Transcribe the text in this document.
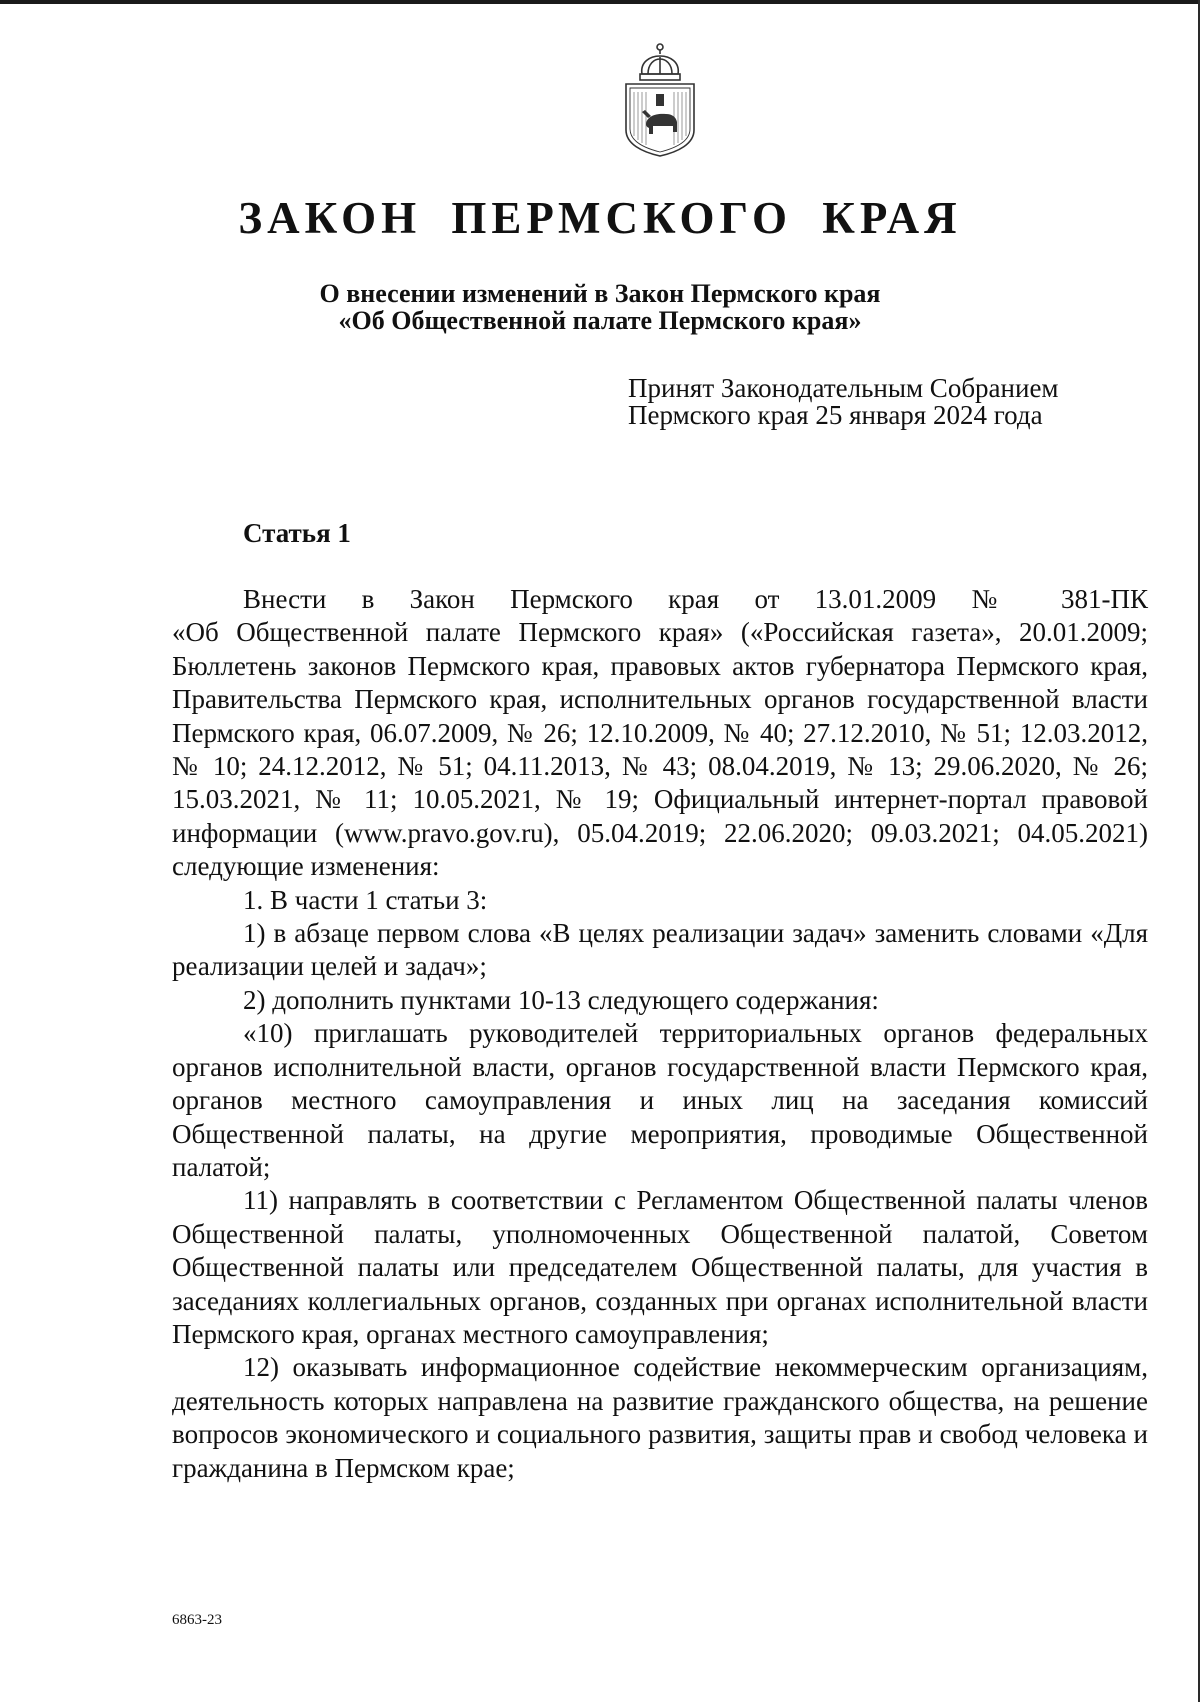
ЗАКОН ПЕРМСКОГО КРАЯ
О внесении изменений в Закон Пермского края
«Об Общественной палате Пермского края»
Принят Законодательным Собранием
Пермского края 25 января 2024 года
Статья 1

Внести в Закон Пермского края от 13.01.2009 № 381-ПК

«Об Общественной палате Пермского края» («Российская газета», 20.01.2009; Бюллетень законов Пермского края, правовых актов губернатора Пермского края, Правительства Пермского края, исполнительных органов государственной власти Пермского края, 06.07.2009, № 26; 12.10.2009, № 40; 27.12.2010, № 51; 12.03.2012, № 10; 24.12.2012, № 51; 04.11.2013, № 43; 08.04.2019, № 13; 29.06.2020, № 26; 15.03.2021, № 11; 10.05.2021, № 19; Официальный интернет-портал правовой информации (www.pravo.gov.ru), 05.04.2019; 22.06.2020; 09.03.2021; 04.05.2021) следующие изменения:

1. В части 1 статьи 3:

1) в абзаце первом слова «В целях реализации задач» заменить словами «Для реализации целей и задач»;

2) дополнить пунктами 10-13 следующего содержания:

«10) приглашать руководителей территориальных органов федеральных органов исполнительной власти, органов государственной власти Пермского края, органов местного самоуправления и иных лиц на заседания комиссий Общественной палаты, на другие мероприятия, проводимые Общественной палатой;

11) направлять в соответствии с Регламентом Общественной палаты членов Общественной палаты, уполномоченных Общественной палатой, Советом Общественной палаты или председателем Общественной палаты, для участия в заседаниях коллегиальных органов, созданных при органах исполнительной власти Пермского края, органах местного самоуправления;

12) оказывать информационное содействие некоммерческим организациям, деятельность которых направлена на развитие гражданского общества, на решение вопросов экономического и социального развития, защиты прав и свобод человека и гражданина в Пермском крае;

6863-23
